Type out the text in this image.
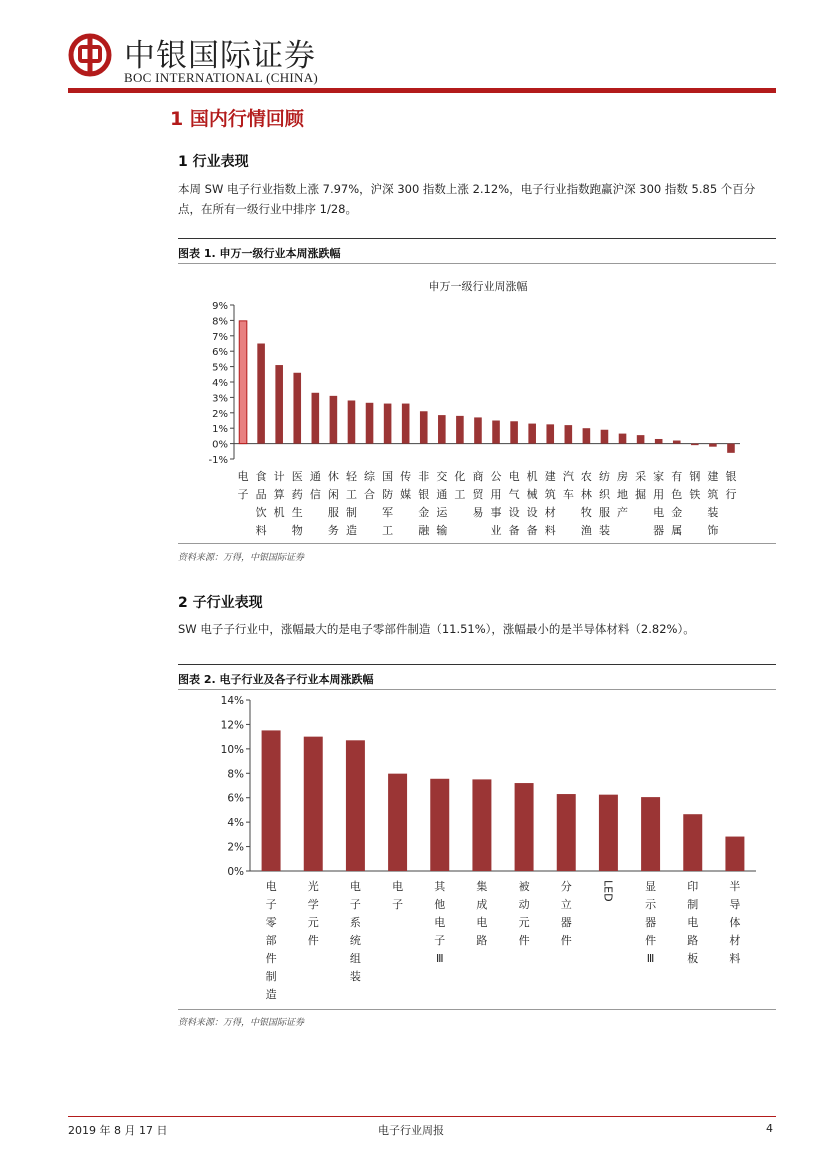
中银国际证券
BOC INTERNATIONAL (CHINA)
1 国内行情回顾
1 行业表现
本周 SW 电子行业指数上涨 7.97%，沪深 300 指数上涨 2.12%，电子行业指数跑赢沪深 300 指数 5.85 个百分点，在所有一级行业中排序 1/28。
图表 1. 申万一级行业本周涨跌幅
申万一级行业周涨幅
-1%
0%
1%
2%
3%
4%
5%
6%
7%
8%
9%
电子
食品饮料
计算机
医药生物
通信
休闲服务
轻工制造
综合
国防军工
传媒
非银金融
交通运输
化工
商贸易
公用事业
电气设备
机械设备
建筑材料
汽车
农林牧渔
纺织服装
房地产
采掘
家用电器
有色金属
钢铁
建筑装饰
银行
资料来源：万得，中银国际证券
2 子行业表现
SW 电子子行业中，涨幅最大的是电子零部件制造（11.51%），涨幅最小的是半导体材料（2.82%）。
图表 2. 电子行业及各子行业本周涨跌幅
0%
2%
4%
6%
8%
10%
12%
14%
电子零部件制造
光学元件
电子系统组装
电子
其他电子 Ⅲ
集成电路
被动元件
分立器件
LED	显示器件 Ⅲ
印制电路板
半导体材料
资料来源：万得，中银国际证券
2019 年 8 月 17 日	电子行业周报	4
